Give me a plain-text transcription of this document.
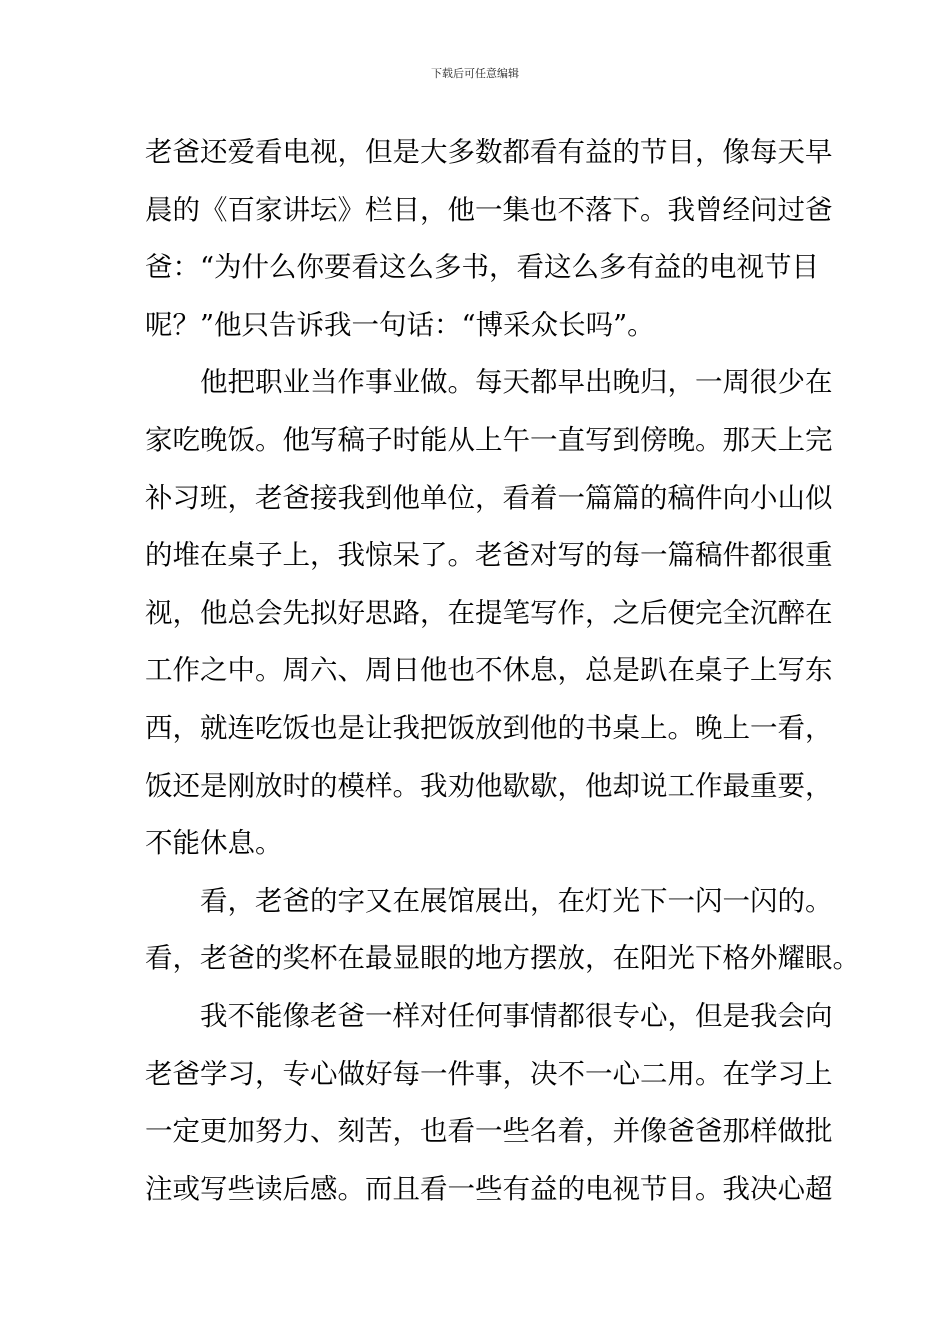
下载后可任意编辑
老爸还爱看电视，但是大多数都看有益的节目，像每天早
晨的《百家讲坛》栏目，他一集也不落下。我曾经问过爸
爸：“为什么你要看这么多书，看这么多有益的电视节目
呢？”他只告诉我一句话：“博采众长吗”。
他把职业当作事业做。每天都早出晚归，一周很少在
家吃晚饭。他写稿子时能从上午一直写到傍晚。那天上完
补习班，老爸接我到他单位，看着一篇篇的稿件向小山似
的堆在桌子上，我惊呆了。老爸对写的每一篇稿件都很重
视，他总会先拟好思路，在提笔写作，之后便完全沉醉在
工作之中。周六、周日他也不休息，总是趴在桌子上写东
西，就连吃饭也是让我把饭放到他的书桌上。晚上一看，
饭还是刚放时的模样。我劝他歇歇，他却说工作最重要，
不能休息。
看，老爸的字又在展馆展出，在灯光下一闪一闪的。
看，老爸的奖杯在最显眼的地方摆放，在阳光下格外耀眼。
我不能像老爸一样对任何事情都很专心，但是我会向
老爸学习，专心做好每一件事，决不一心二用。在学习上
一定更加努力、刻苦，也看一些名着，并像爸爸那样做批
注或写些读后感。而且看一些有益的电视节目。我决心超
